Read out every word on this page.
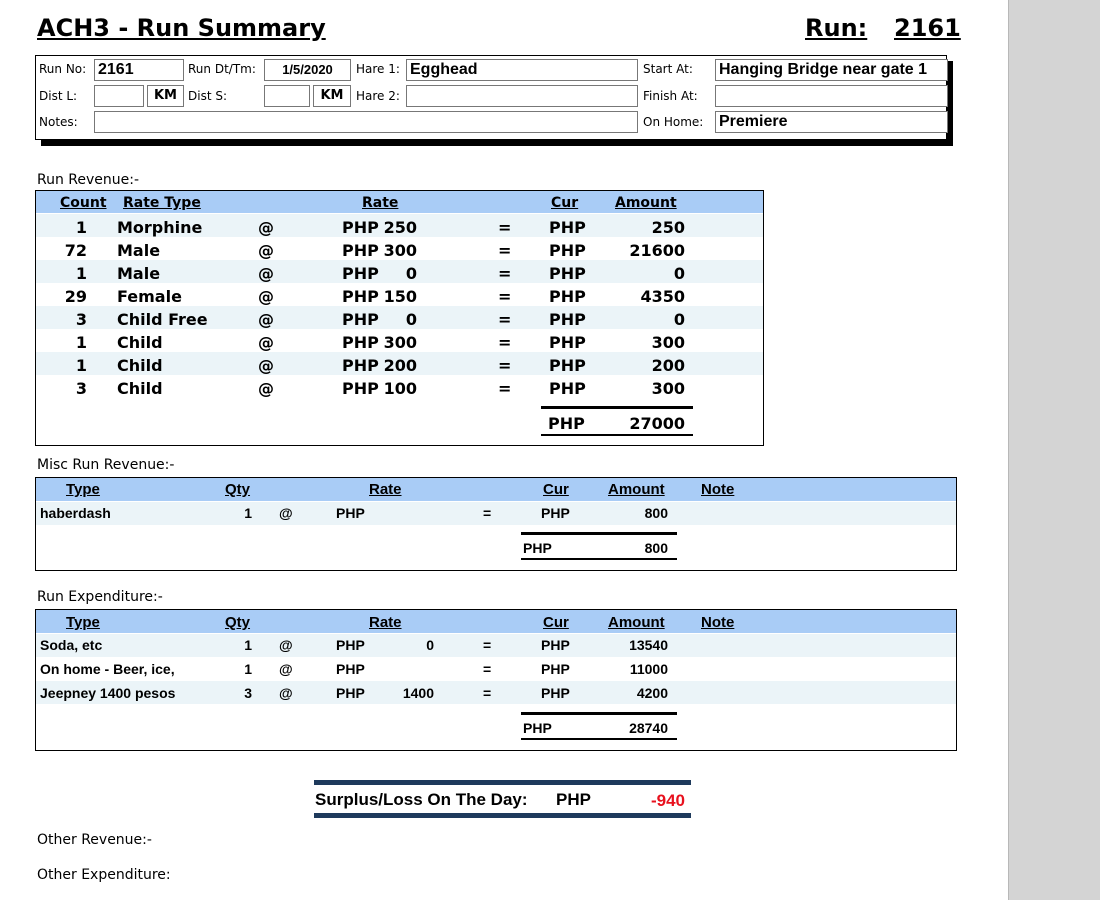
ACH3 - Run Summary	Run: 2161
Run No: 2161	Run Dt/Tm:	1/5/2020	Hare 1: Egghead	Start At: Hanging Bridge near gate 1
Dist L:	KM Dist S:	KM	Hare 2:	Finish At:
Notes:	On Home: Premiere
Run Revenue:-
Count Rate Type	Rate	Cur	Amount
1 Morphine	@	PHP 250	= PHP	250
72 Male	@	PHP 300	= PHP	21600
1 Male	@	PHP	0	= PHP	0
29 Female	@	PHP 150	= PHP	4350
3 Child Free	@	PHP	0	= PHP	0
1 Child	@	PHP 300	= PHP	300
1 Child	@	PHP 200	= PHP	200
3 Child	@	PHP 100	= PHP	300
PHP	27000
Misc Run Revenue:-
Type	Qty	Rate	Cur	Amount Note
haberdash	1 @	PHP	=	PHP	800
PHP	800
Run Expenditure:-
Type	Qty	Rate	Cur	Amount Note
Soda, etc	1 @	PHP	0	=	PHP	13540
On home - Beer, ice,	1 @	PHP	=	PHP	11000
Jeepney 1400 pesos	3 @	PHP	1400	=	PHP	4200
PHP	28740
Surplus/Loss On The Day: PHP	-940
Other Revenue:-
Other Expenditure:
